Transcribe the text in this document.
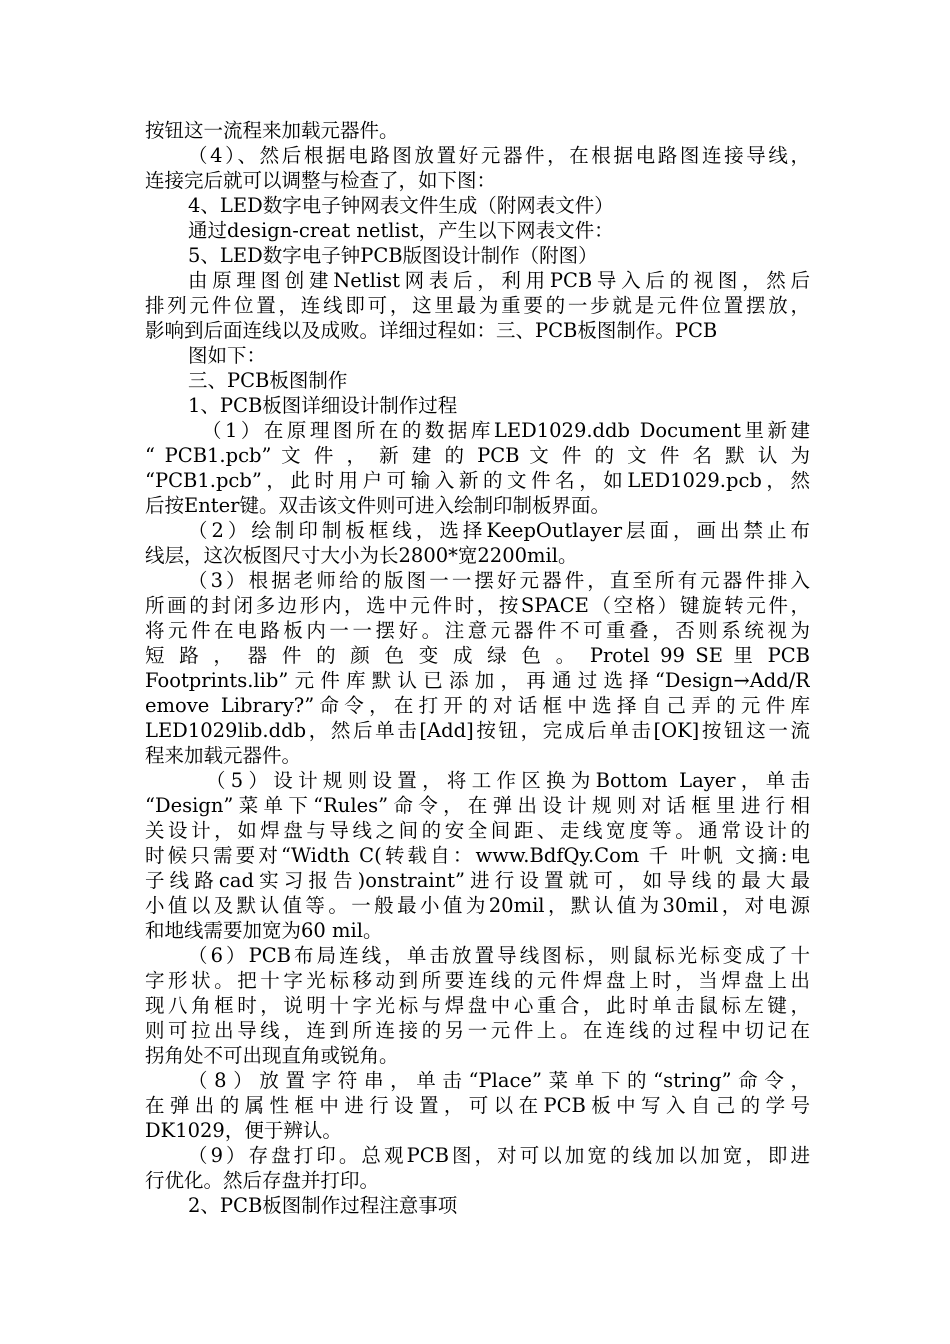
按钮这一流程来加载元器件。
（4）、然后根据电路图放置好元器件，在根据电路图连接导线，
连接完后就可以调整与检查了，如下图：
4、LED数字电子钟网表文件生成（附网表文件）
通过design-creat netlist，产生以下网表文件：
5、LED数字电子钟PCB版图设计制作（附图）
由原理图创建Netlist网表后，利用PCB导入后的视图，然后
排列元件位置，连线即可，这里最为重要的一步就是元件位置摆放，
影响到后面连线以及成败。详细过程如：三、PCB板图制作。PCB
图如下：
三、PCB板图制作
1、PCB板图详细设计制作过程
（1）在原理图所在的数据库LED1029.ddb Document里新建
“ PCB1.pcb” 文 件 ， 新 建 的 PCB 文 件 的 文 件 名 默 认 为
“PCB1.pcb”，此时用户可输入新的文件名，如LED1029.pcb，然
后按Enter键。双击该文件则可进入绘制印制板界面。
（2）绘制印制板框线，选择KeepOutlayer层面，画出禁止布
线层，这次板图尺寸大小为长2800*宽2200mil。
（3）根据老师给的版图一一摆好元器件，直至所有元器件排入
所画的封闭多边形内，选中元件时，按SPACE（空格）键旋转元件，
将元件在电路板内一一摆好。注意元器件不可重叠，否则系统视为
短 路 ， 器 件 的 颜 色 变 成 绿 色 。 Protel 99 SE 里 PCB
Footprints.lib”元件库默认已添加，再通过选择“Design→Add/R
emove Library?”命令，在打开的对话框中选择自己弄的元件库
LED1029lib.ddb，然后单击[Add]按钮，完成后单击[OK]按钮这一流
程来加载元器件。
（5）设计规则设置，将工作区换为Bottom Layer，单击
“Design”菜单下“Rules”命令，在弹出设计规则对话框里进行相
关设计，如焊盘与导线之间的安全间距、走线宽度等。通常设计的
时候只需要对“Width C(转载自：www.BdfQy.Com 千 叶帆 文摘:电
子线路cad实习报告)onstraint”进行设置就可，如导线的最大最
小值以及默认值等。一般最小值为20mil，默认值为30mil，对电源
和地线需要加宽为60 mil。
（6）PCB布局连线，单击放置导线图标，则鼠标光标变成了十
字形状。把十字光标移动到所要连线的元件焊盘上时，当焊盘上出
现八角框时，说明十字光标与焊盘中心重合，此时单击鼠标左键，
则可拉出导线，连到所连接的另一元件上。在连线的过程中切记在
拐角处不可出现直角或锐角。
（8）放置字符串，单击“Place”菜单下的“string”命令，
在弹出的属性框中进行设置，可以在PCB板中写入自己的学号
DK1029，便于辨认。
（9）存盘打印。总观PCB图，对可以加宽的线加以加宽，即进
行优化。然后存盘并打印。
2、PCB板图制作过程注意事项
